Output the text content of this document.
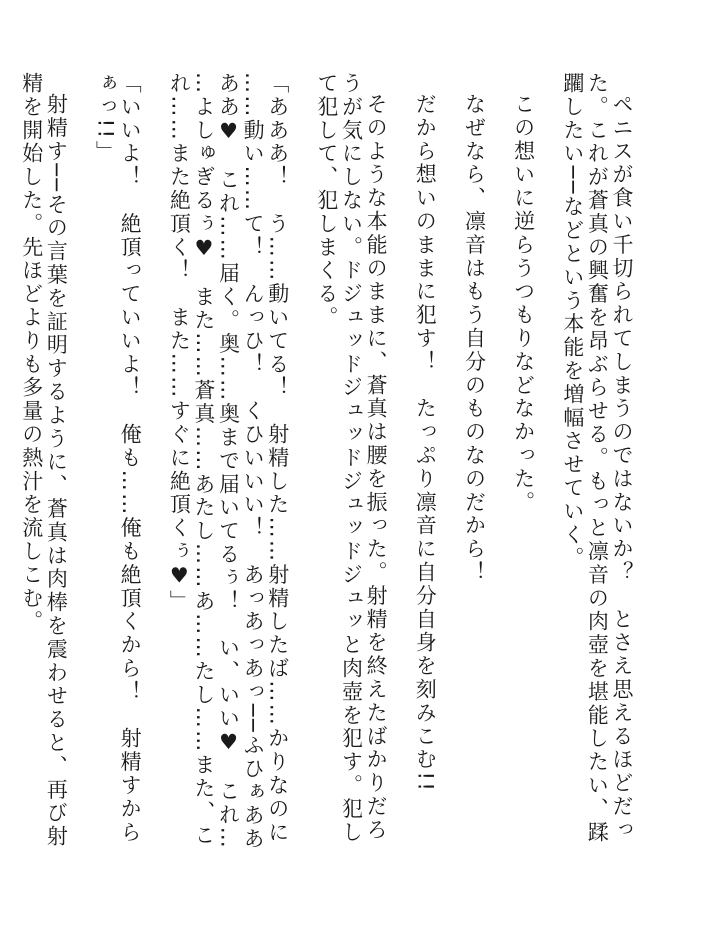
ペニスが食い千切られてしまうのではないか？　とさえ思えるほどだった。これが蒼真の興奮を昂ぶらせる。もっと凛音の肉壺を堪能したい、蹂躙したい──などという本能を増幅させていく。

この想いに逆らうつもりなどなかった。

なぜなら、凛音はもう自分のものなのだから！

だから想いのままに犯す！　たっぷり凛音に自分自身を刻みこむ!!

そのような本能のままに、蒼真は腰を振った。射精を終えたばかりだろうが気にしない。ドジュッドジュッドジュッドジュッと肉壺を犯す。犯して犯して、犯しまくる。

「あああ！　う……動いてる！　射精した……射精したば……かりなのに……動い……て！　んっひ！　くひいいい！　あっあっあっ──ふひぁああああ♥　これ……届く。奥……奥まで届いてるぅ！　い、いい♥　これ……よしゅぎるぅ♥　また……蒼真……あたし……あ……たし……また、これ……また絶頂く！　また……すぐに絶頂くぅ♥」

「いいよ！　絶頂っていいよ！　俺も……俺も絶頂くから！　射精すからぁっ!!」

射精す──その言葉を証明するように、蒼真は肉棒を震わせると、再び射精を開始した。先ほどよりも多量の熱汁を流しこむ。
